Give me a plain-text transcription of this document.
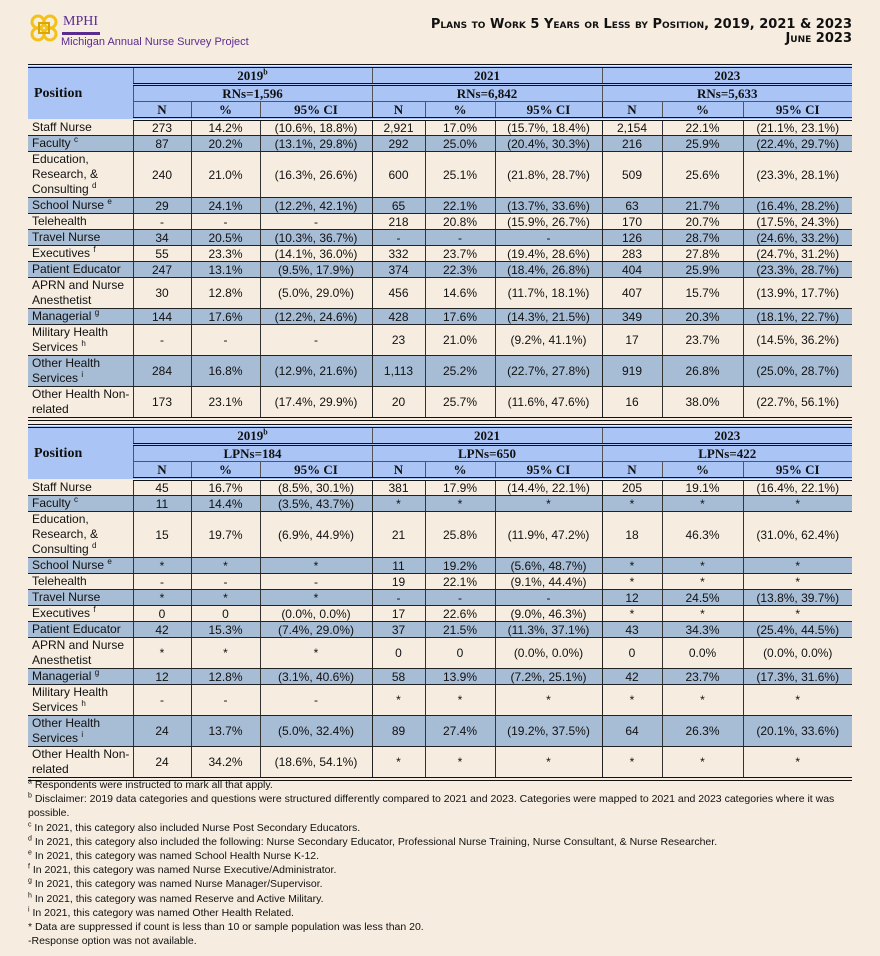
MPHI
Michigan Annual Nurse Survey Project
Plans to Work 5 Years or Less by Position, 2019, 2021 & 2023
June 2023
Position	2019$^b$			2021			2023		
	RNs=1,596			RNs=6,842			RNs=5,633		
	N	%	95% CI	N	%	95% CI	N	%	95% CI
Staff Nurse	273	14.2%	(10.6%, 18.8%)	2,921	17.0%	(15.7%, 18.4%)	2,154	22.1%	(21.1%, 23.1%)
Faculty $^c$	87	20.2%	(13.1%, 29.8%)	292	25.0%	(20.4%, 30.3%)	216	25.9%	(22.4%, 29.7%)
Education, Research, & Consulting $^d$	240	21.0%	(16.3%, 26.6%)	600	25.1%	(21.8%, 28.7%)	509	25.6%	(23.3%, 28.1%)
School Nurse $^e$	29	24.1%	(12.2%, 42.1%)	65	22.1%	(13.7%, 33.6%)	63	21.7%	(16.4%, 28.2%)
Telehealth	-	-	-	218	20.8%	(15.9%, 26.7%)	170	20.7%	(17.5%, 24.3%)
Travel Nurse	34	20.5%	(10.3%, 36.7%)	-	-	-	126	28.7%	(24.6%, 33.2%)
Executives $^f$	55	23.3%	(14.1%, 36.0%)	332	23.7%	(19.4%, 28.6%)	283	27.8%	(24.7%, 31.2%)
Patient Educator	247	13.1%	(9.5%, 17.9%)	374	22.3%	(18.4%, 26.8%)	404	25.9%	(23.3%, 28.7%)
APRN and Nurse Anesthetist	30	12.8%	(5.0%, 29.0%)	456	14.6%	(11.7%, 18.1%)	407	15.7%	(13.9%, 17.7%)
Managerial $^g$	144	17.6%	(12.2%, 24.6%)	428	17.6%	(14.3%, 21.5%)	349	20.3%	(18.1%, 22.7%)
Military Health Services $^h$	-	-	-	23	21.0%	(9.2%, 41.1%)	17	23.7%	(14.5%, 36.2%)
Other Health Services $^i$	284	16.8%	(12.9%, 21.6%)	1,113	25.2%	(22.7%, 27.8%)	919	26.8%	(25.0%, 28.7%)
Other Health Non-related	173	23.1%	(17.4%, 29.9%)	20	25.7%	(11.6%, 47.6%)	16	38.0%	(22.7%, 56.1%)
Position	2019$^b$			2021			2023		
	LPNs=184			LPNs=650			LPNs=422		
	N	%	95% CI	N	%	95% CI	N	%	95% CI
Staff Nurse	45	16.7%	(8.5%, 30.1%)	381	17.9%	(14.4%, 22.1%)	205	19.1%	(16.4%, 22.1%)
Faculty $^c$	11	14.4%	(3.5%, 43.7%)	*	*	*	*	*	*
Education, Research, & Consulting $^d$	15	19.7%	(6.9%, 44.9%)	21	25.8%	(11.9%, 47.2%)	18	46.3%	(31.0%, 62.4%)
School Nurse $^e$	*	*	*	11	19.2%	(5.6%, 48.7%)	*	*	*
Telehealth	-	-	-	19	22.1%	(9.1%, 44.4%)	*	*	*
Travel Nurse	*	*	*	-	-	-	12	24.5%	(13.8%, 39.7%)
Executives $^f$	0	0	(0.0%, 0.0%)	17	22.6%	(9.0%, 46.3%)	*	*	*
Patient Educator	42	15.3%	(7.4%, 29.0%)	37	21.5%	(11.3%, 37.1%)	43	34.3%	(25.4%, 44.5%)
APRN and Nurse Anesthetist	*	*	*	0	0	(0.0%, 0.0%)	0	0.0%	(0.0%, 0.0%)
Managerial $^g$	12	12.8%	(3.1%, 40.6%)	58	13.9%	(7.2%, 25.1%)	42	23.7%	(17.3%, 31.6%)
Military Health Services $^h$	-	-	-	*	*	*	*	*	*
Other Health Services $^i$	24	13.7%	(5.0%, 32.4%)	89	27.4%	(19.2%, 37.5%)	64	26.3%	(20.1%, 33.6%)
Other Health Non-related	24	34.2%	(18.6%, 54.1%)	*	*	*	*	*	*
$^a$ Respondents were instructed to mark all that apply.
$^b$ Disclaimer: 2019 data categories and questions were structured differently compared to 2021 and 2023. Categories were mapped to 2021 and 2023 categories where it was possible.
$^c$ In 2021, this category also included Nurse Post Secondary Educators.
$^d$ In 2021, this category also included the following: Nurse Secondary Educator, Professional Nurse Training, Nurse Consultant, & Nurse Researcher.
$^e$ In 2021, this category was named School Health Nurse K-12.
$^f$ In 2021, this category was named Nurse Executive/Administrator.
$^g$ In 2021, this category was named Nurse Manager/Supervisor.
$^h$ In 2021, this category was named Reserve and Active Military.
$^i$ In 2021, this category was named Other Health Related.
* Data are suppressed if count is less than 10 or sample population was less than 20.
-Response option was not available.
